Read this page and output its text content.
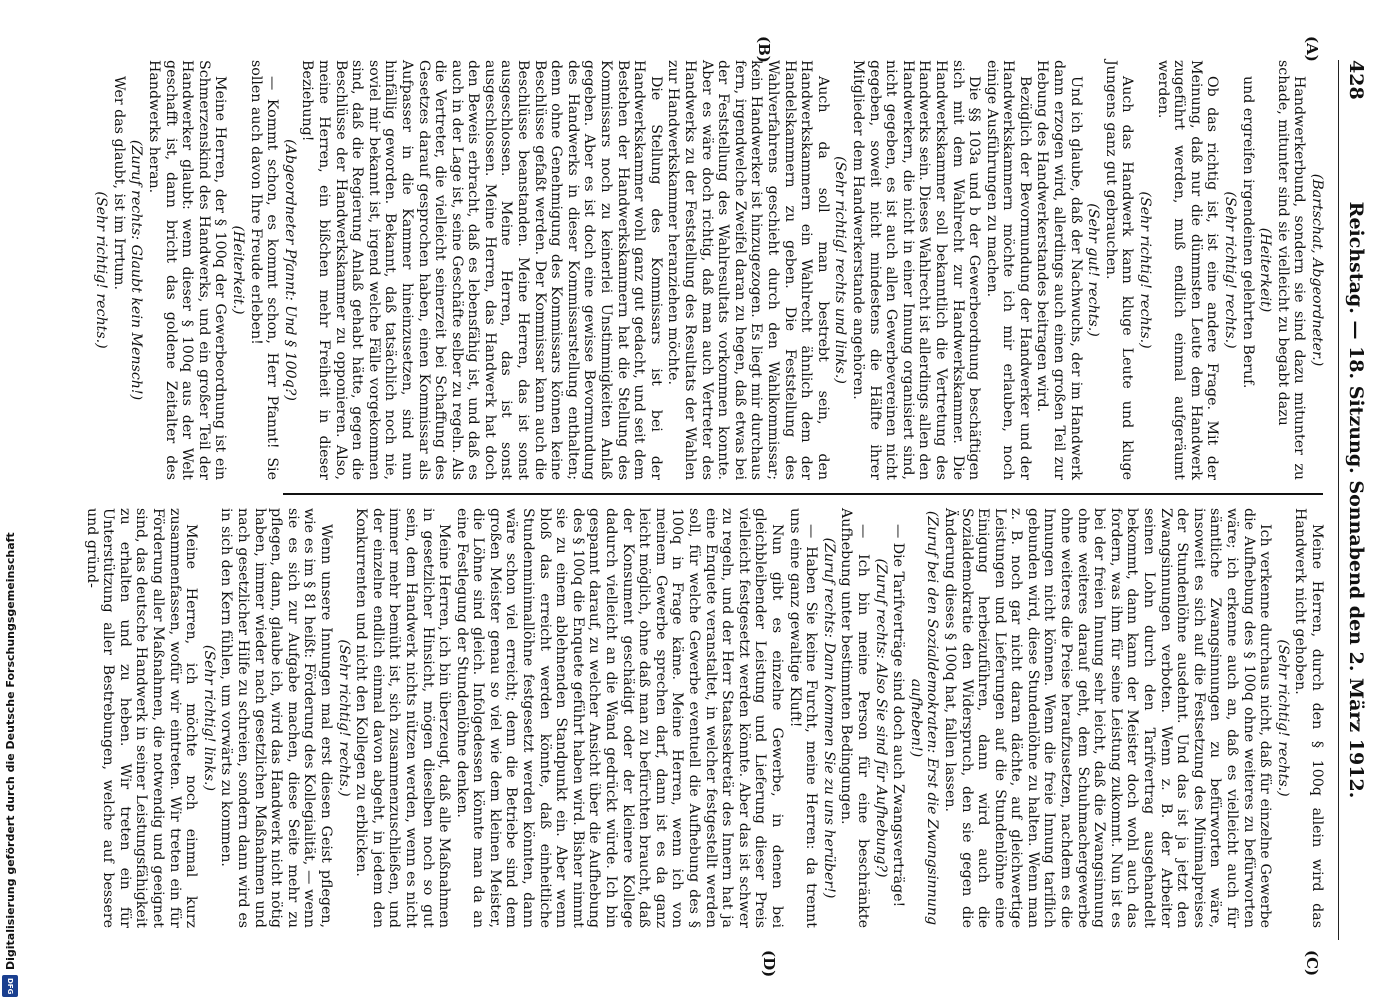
428
Reichstag. — 18. Sitzung. Sonnabend den 2. März 1912.
(A)
(B)
(C)
(D)

(Bartschat, Abgeordneter.)

Handwerkerbund, sondern sie sind dazu mitunter zu schade, mitunter sind sie vielleicht zu begabt dazu

(Heiterkeit)

und ergreifen irgendeinen gelehrten Beruf.

(Sehr richtig! rechts.)

Ob das richtig ist, ist eine andere Frage. Mit der Meinung, daß nur die dümmsten Leute dem Handwerk zugeführt werden, muß endlich einmal aufgeräumt werden.

(Sehr richtig! rechts.)

Auch das Handwerk kann kluge Leute und kluge Jungens ganz gut gebrauchen.

(Sehr gut! rechts.)

Und ich glaube, daß der Nachwuchs, der im Handwerk dann erzogen wird, allerdings auch einen großen Teil zur Hebung des Handwerkerstandes beitragen wird.

Bezüglich der Bevormundung der Handwerker und der Handwerkskammern möchte ich mir erlauben, noch einige Ausführungen zu machen.

Die §§ 103a und b der Gewerbeordnung beschäftigen sich mit dem Wahlrecht zur Handwerkskammer. Die Handwerkskammer soll bekanntlich die Vertretung des Handwerks sein. Dieses Wahlrecht ist allerdings allen den Handwerkern, die nicht in einer Innung organisiert sind, nicht gegeben, es ist auch allen Gewerbevereinen nicht gegeben, soweit nicht mindestens die Hälfte ihrer Mitglieder dem Handwerkerstande angehören.

(Sehr richtig! rechts und links.)

Auch da soll man bestrebt sein, den Handwerkskammern ein Wahlrecht ähnlich dem der Handelskammern zu geben. Die Feststellung des Wahlverfahrens geschieht durch den Wahlkommissar; kein Handwerker ist hinzugezogen. Es liegt mir durchaus fern, irgendwelche Zweifel daran zu hegen, daß etwas bei der Feststellung des Wahlresultats vorkommen konnte. Aber es wäre doch richtig, daß man auch Vertreter des Handwerks zu der Feststellung des Resultats der Wahlen zur Handwerkskammer heranziehen möchte.

Die Stellung des Kommissars ist bei der Handwerkskammer wohl ganz gut gedacht, und seit dem Bestehen der Handwerkskammern hat die Stellung des Kommissars noch zu keinerlei Unstimmigkeiten Anlaß gegeben. Aber es ist doch eine gewisse Bevormundung des Handwerks in dieser Kommissarstellung enthalten; denn ohne Genehmigung des Kommissars können keine Beschlüsse gefaßt werden. Der Kommissar kann auch die Beschlüsse beanstanden. Meine Herren, das ist sonst ausgeschlossen. Meine Herren, das ist sonst ausgeschlossen. Meine Herren, das Handwerk hat doch den Beweis erbracht, daß es lebensfähig ist, und daß es auch in der Lage ist, seine Geschäfte selber zu regeln. Als die Vertreter, die vielleicht seinerzeit bei Schaffung des Gesetzes darauf gesprochen haben, einen Kommissar als Aufpasser in die Kammer hineinzusetzen, sind nun hinfällig geworden. Bekannt, daß tatsächlich noch nie, soviel mir bekannt ist, irgend welche Fälle vorgekommen sind, daß die Regierung Anlaß gehabt hätte, gegen die Beschlüsse der Handwerkskammer zu opponieren. Also, meine Herren, ein bißchen mehr Freiheit in dieser Beziehung!

(Abgeordneter Pfannt: Und § 100q?)

— Kommt schon, es kommt schon, Herr Pfannt! Sie sollen auch davon Ihre Freude erleben!

(Heiterkeit.)

Meine Herren, der § 100q der Gewerbeordnung ist ein Schmerzenskind des Handwerks, und ein großer Teil der Handwerker glaubt: wenn dieser § 100q aus der Welt geschafft ist, dann bricht das goldene Zeitalter des Handwerks heran.

(Zuruf rechts: Glaubt kein Mensch!)

Wer das glaubt, ist im Irrtum.

(Sehr richtig! rechts.)

Meine Herren, durch den § 100q allein wird das Handwerk nicht gehoben.

(Sehr richtig! rechts.)

Ich verkenne durchaus nicht, daß für einzelne Gewerbe die Aufhebung des § 100q ohne weiteres zu befürworten wäre; ich erkenne auch an, daß es vielleicht auch für sämtliche Zwangsinnungen zu befürworten wäre, insoweit es sich auf die Festsetzung des Minimalpreises der Stundenlöhne ausdehnt. Und das ist ja jetzt den Zwangsinnungen verboten. Wenn z. B. der Arbeiter seinen Lohn durch den Tarifvertrag ausgehandelt bekommt, dann kann der Meister doch wohl auch das fordern, was ihm für seine Leistung zukommt. Nun ist es bei der freien Innung sehr leicht, daß die Zwangsinnung ohne weiteres darauf geht, dem Schuhmachergewerbe ohne weiteres die Preise heraufzusetzen, nachdem es die Innungen nicht können. Wenn die freie Innung tariflich gebunden wird, diese Stundenlöhne zu halten. Wenn man z. B. noch gar nicht daran dächte, auf gleichwertige Leistungen und Lieferungen auf die Stundenlöhne eine Einigung herbeizuführen, dann wird auch die Sozialdemokratie den Widerspruch, den sie gegen die Änderung dieses § 100q hat, fallen lassen.

(Zuruf bei den Sozialdemokraten: Erst die Zwangsinnung aufheben!)

— Die Tarifverträge sind doch auch Zwangsverträge!

(Zuruf rechts: Also Sie sind für Aufhebung?)

— Ich bin meine Person für eine beschränkte Aufhebung unter bestimmten Bedingungen.

(Zuruf rechts: Dann kommen Sie zu uns herüber!)

— Haben Sie keine Furcht, meine Herren: da trennt uns eine ganz gewaltige Kluft!

Nun gibt es einzelne Gewerbe, in denen bei gleichbleibender Leistung und Lieferung dieser Preis vielleicht festgesetzt werden könnte. Aber das ist schwer zu regeln, und der Herr Staatssekretär des Innern hat ja eine Enquete veranstaltet, in welcher festgestellt werden soll, für welche Gewerbe eventuell die Aufhebung des § 100q in Frage käme. Meine Herren, wenn ich von meinem Gewerbe sprechen darf, dann ist es da ganz leicht möglich, ohne daß man zu befürchten braucht, daß der Konsument geschädigt oder der kleinere Kollege dadurch vielleicht an die Wand gedrückt würde. Ich bin gespannt darauf, zu welcher Ansicht über die Aufhebung des § 100q die Enquete geführt haben wird. Bisher nimmt sie zu einem ablehnenden Standpunkt ein. Aber wenn bloß das erreicht werden könnte, daß einheitliche Stundenminimallöhne festgesetzt werden könnten, dann wäre schon viel erreicht; denn die Betriebe sind dem großen Meister genau so viel wie dem kleinen Meister, die Löhne sind gleich. Infolgedessen könnte man da an eine Festlegung der Stundenlöhne denken.

Meine Herren, ich bin überzeugt, daß alle Maßnahmen in gesetzlicher Hinsicht, mögen dieselben noch so gut sein, dem Handwerk nichts nützen werden, wenn es nicht immer mehr bemüht ist, sich zusammenzuschließen, und der einzelne endlich einmal davon abgeht, in jedem den Konkurrenten und nicht den Kollegen zu erblicken.

(Sehr richtig! rechts.)

Wenn unsere Innungen mal erst diesen Geist pflegen, wie es im § 81 heißt: Förderung des Kollegialität, — wenn sie es sich zur Aufgabe machen, diese Seite mehr zu pflegen, dann, glaube ich, wird das Handwerk nicht nötig haben, immer wieder nach gesetzlichen Maßnahmen und nach gesetzlicher Hilfe zu schreien, sondern dann wird es in sich den Kern fühlen, um vorwärts zu kommen.

(Sehr richtig! links.)

Meine Herren, ich möchte noch einmal kurz zusammenfassen, wofür wir eintreten. Wir treten ein für Förderung aller Maßnahmen, die notwendig und geeignet sind, das deutsche Handwerk in seiner Leistungsfähigkeit zu erhalten und zu heben. Wir treten ein für Unterstützung aller Bestrebungen, welche auf bessere und gründ-

Digitalisierung gefördert durch die Deutsche Forschungsgemeinschaft
DFG
